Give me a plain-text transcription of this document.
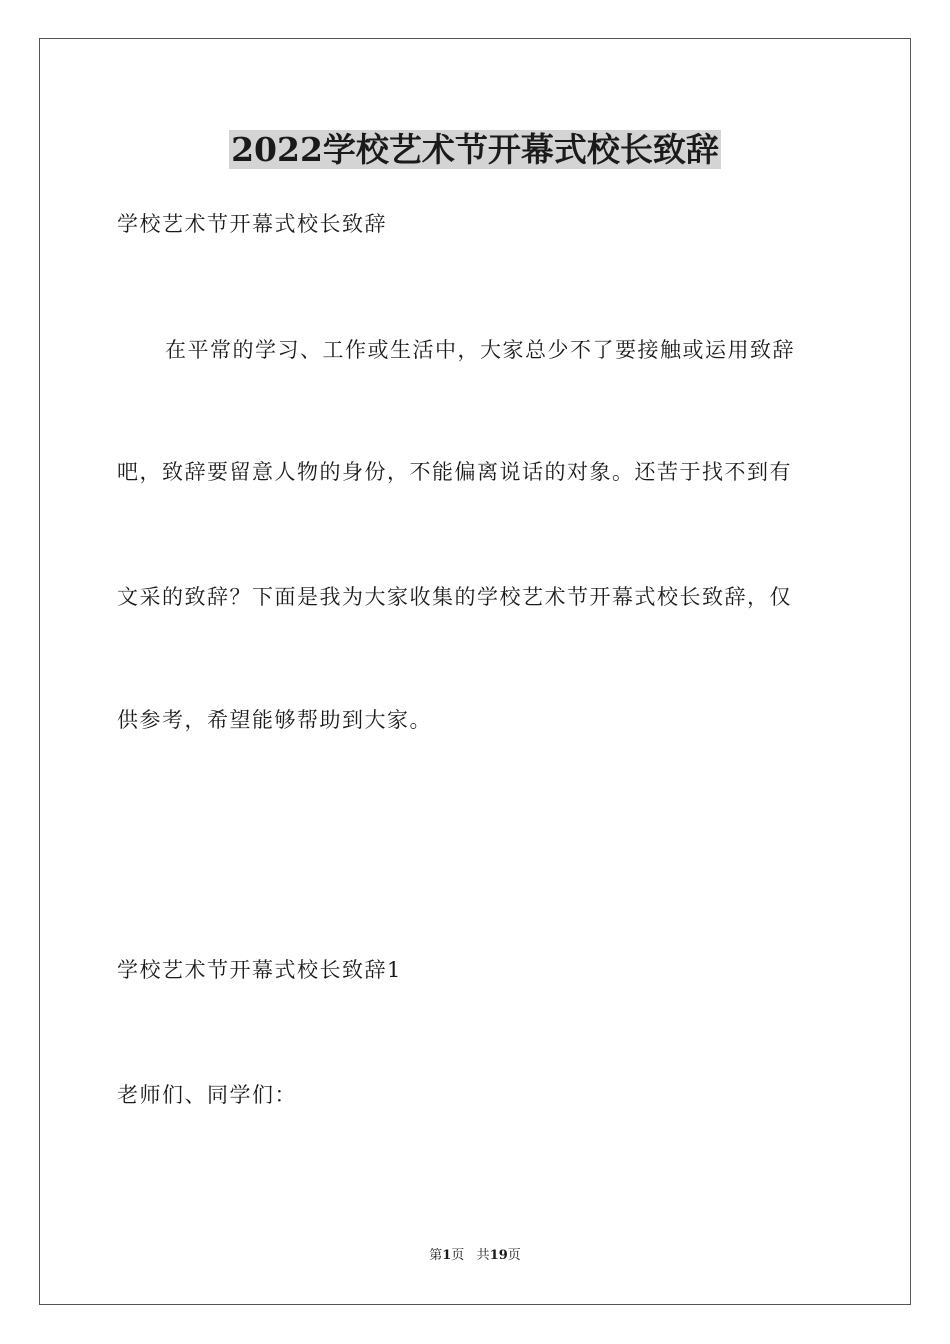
2022学校艺术节开幕式校长致辞
学校艺术节开幕式校长致辞
在平常的学习、工作或生活中，大家总少不了要接触或运用致辞
吧，致辞要留意人物的身份，不能偏离说话的对象。还苦于找不到有
文采的致辞？下面是我为大家收集的学校艺术节开幕式校长致辞，仅
供参考，希望能够帮助到大家。
学校艺术节开幕式校长致辞1
老师们、同学们：
第1页 共19页
